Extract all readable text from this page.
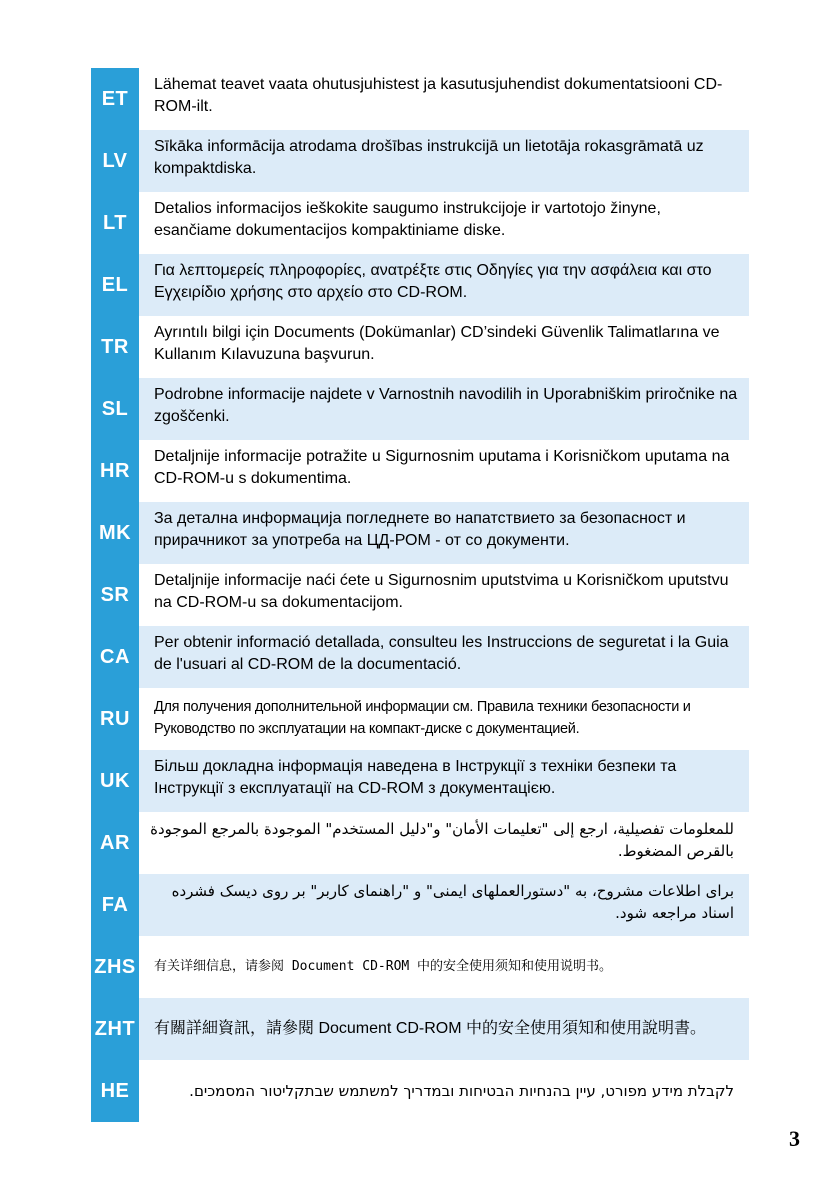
ET
Lähemat teavet vaata ohutusjuhistest ja kasutusjuhendist dokumentatsiooni CD-ROM-ilt.
LV
Sīkāka informācija atrodama drošības instrukcijā un lietotāja rokasgrāmatā uz kompaktdiska.
LT
Detalios informacijos ieškokite saugumo instrukcijoje ir vartotojo žinyne, esančiame dokumentacijos kompaktiniame diske.
EL
Για λεπτομερείς πληροφορίες, ανατρέξτε στις Οδηγίες για την ασφάλεια και στο Εγχειρίδιο χρήσης στο αρχείο στο CD-ROM.
TR
Ayrıntılı bilgi için Documents (Dokümanlar) CD’sindeki Güvenlik Talimatlarına ve Kullanım Kılavuzuna başvurun.
SL
Podrobne informacije najdete v Varnostnih navodilih in Uporabniškim priročnike na zgoščenki.
HR
Detaljnije informacije potražite u Sigurnosnim uputama i Korisničkom uputama na CD-ROM-u s dokumentima.
MK
За детална информација погледнете во напатствието за безопасност и прирачникот за употреба на ЦД-РОМ - от со документи.
SR
Detaljnije informacije naći ćete u Sigurnosnim uputstvima u Korisničkom uputstvu na CD-ROM-u sa dokumentacijom.
CA
Per obtenir informació detallada, consulteu les Instruccions de seguretat i la Guia de l'usuari al CD-ROM de la documentació.
RU
Для получения дополнительной информации см. Правила техники безопасности и Руководство по эксплуатации на компакт-диске с документацией.
UK
Більш докладна інформація наведена в Інструкції з техніки безпеки та Інструкції з експлуатації на CD-ROM з документацією.
AR
للمعلومات تفصيلية، ارجع إلى "تعليمات الأمان" و"دليل المستخدم" الموجودة بالمرجع الموجودة بالقرص المضغوط.
FA
برای اطلاعات مشروح، به "دستورالعملهای ایمنی" و "راهنمای کاربر" بر روی دیسک فشرده اسناد مراجعه شود.
ZHS	有关详细信息，请参阅 Document CD-ROM 中的安全使用须知和使用说明书。
ZHT	有關詳細資訊，請參閱 Document CD-ROM 中的安全使用須知和使用說明書。
HE	לקבלת מידע מפורט, עיין בהנחיות הבטיחות ובמדריך למשתמש שבתקליטור המסמכים.
3
